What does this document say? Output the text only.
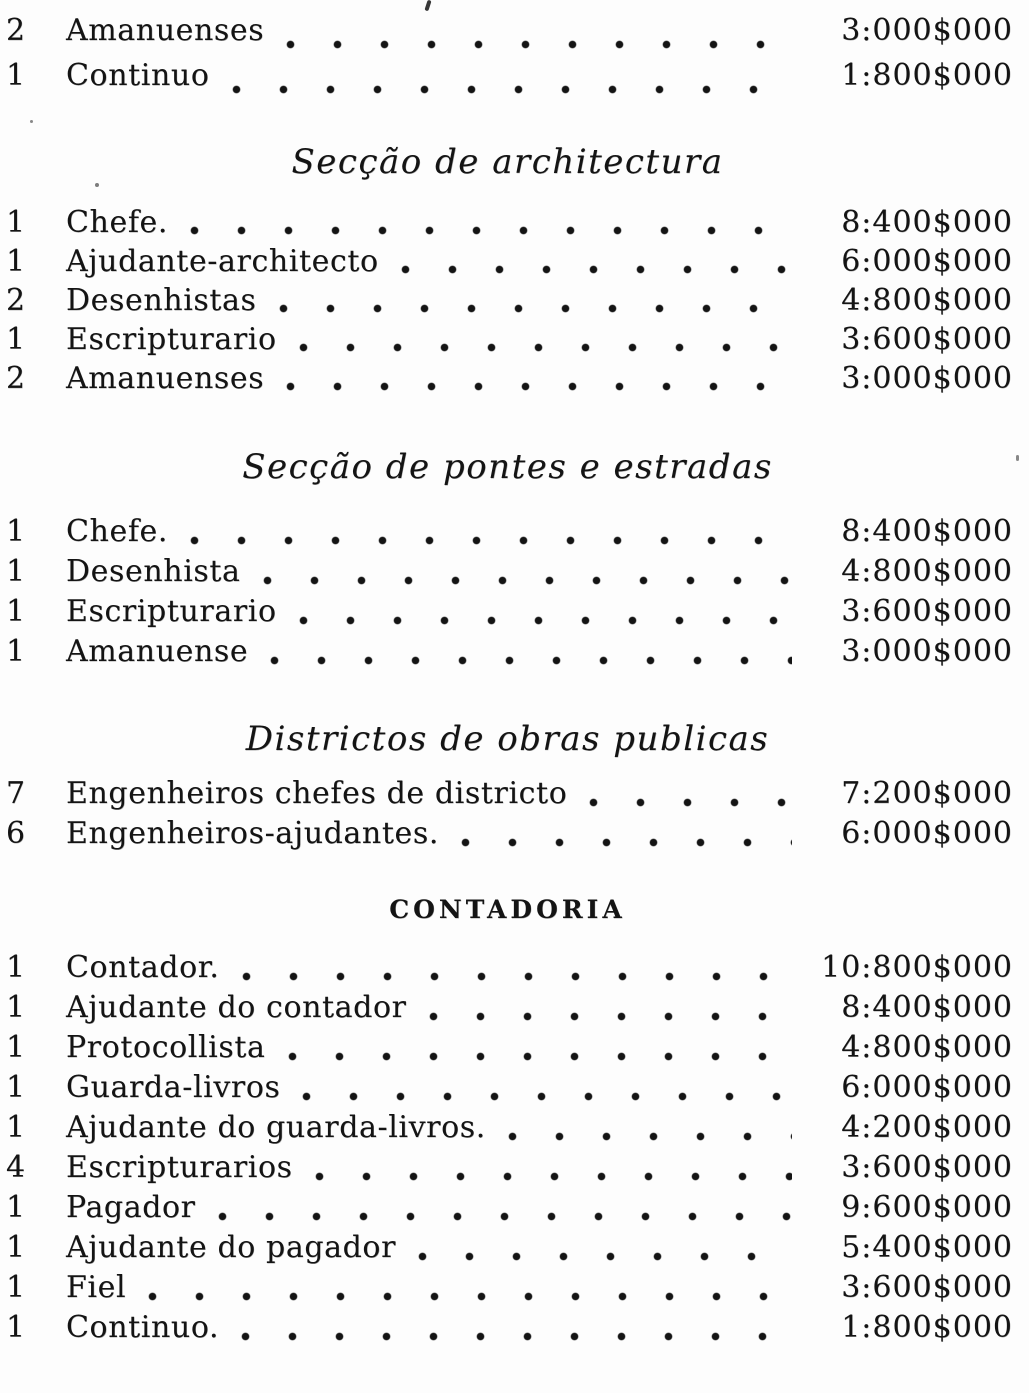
2	Amanuenses	3:000$000
1	Continuo	1:800$000
Secção de architectura
1	Chefe.	8:400$000
1	Ajudante-architecto	6:000$000
2	Desenhistas	4:800$000
1	Escripturario	3:600$000
2	Amanuenses	3:000$000
Secção de pontes e estradas
1	Chefe.	8:400$000
1	Desenhista	4:800$000
1	Escripturario	3:600$000
1	Amanuense	3:000$000
Districtos de obras publicas
7	Engenheiros chefes de districto	7:200$000
6	Engenheiros-ajudantes.	6:000$000
CONTADORIA
1	Contador.	10:800$000
1	Ajudante do contador	8:400$000
1	Protocollista	4:800$000
1	Guarda-livros	6:000$000
1	Ajudante do guarda-livros.	4:200$000
4	Escripturarios	3:600$000
1	Pagador	9:600$000
1	Ajudante do pagador	5:400$000
1	Fiel	3:600$000
1	Continuo.	1:800$000
